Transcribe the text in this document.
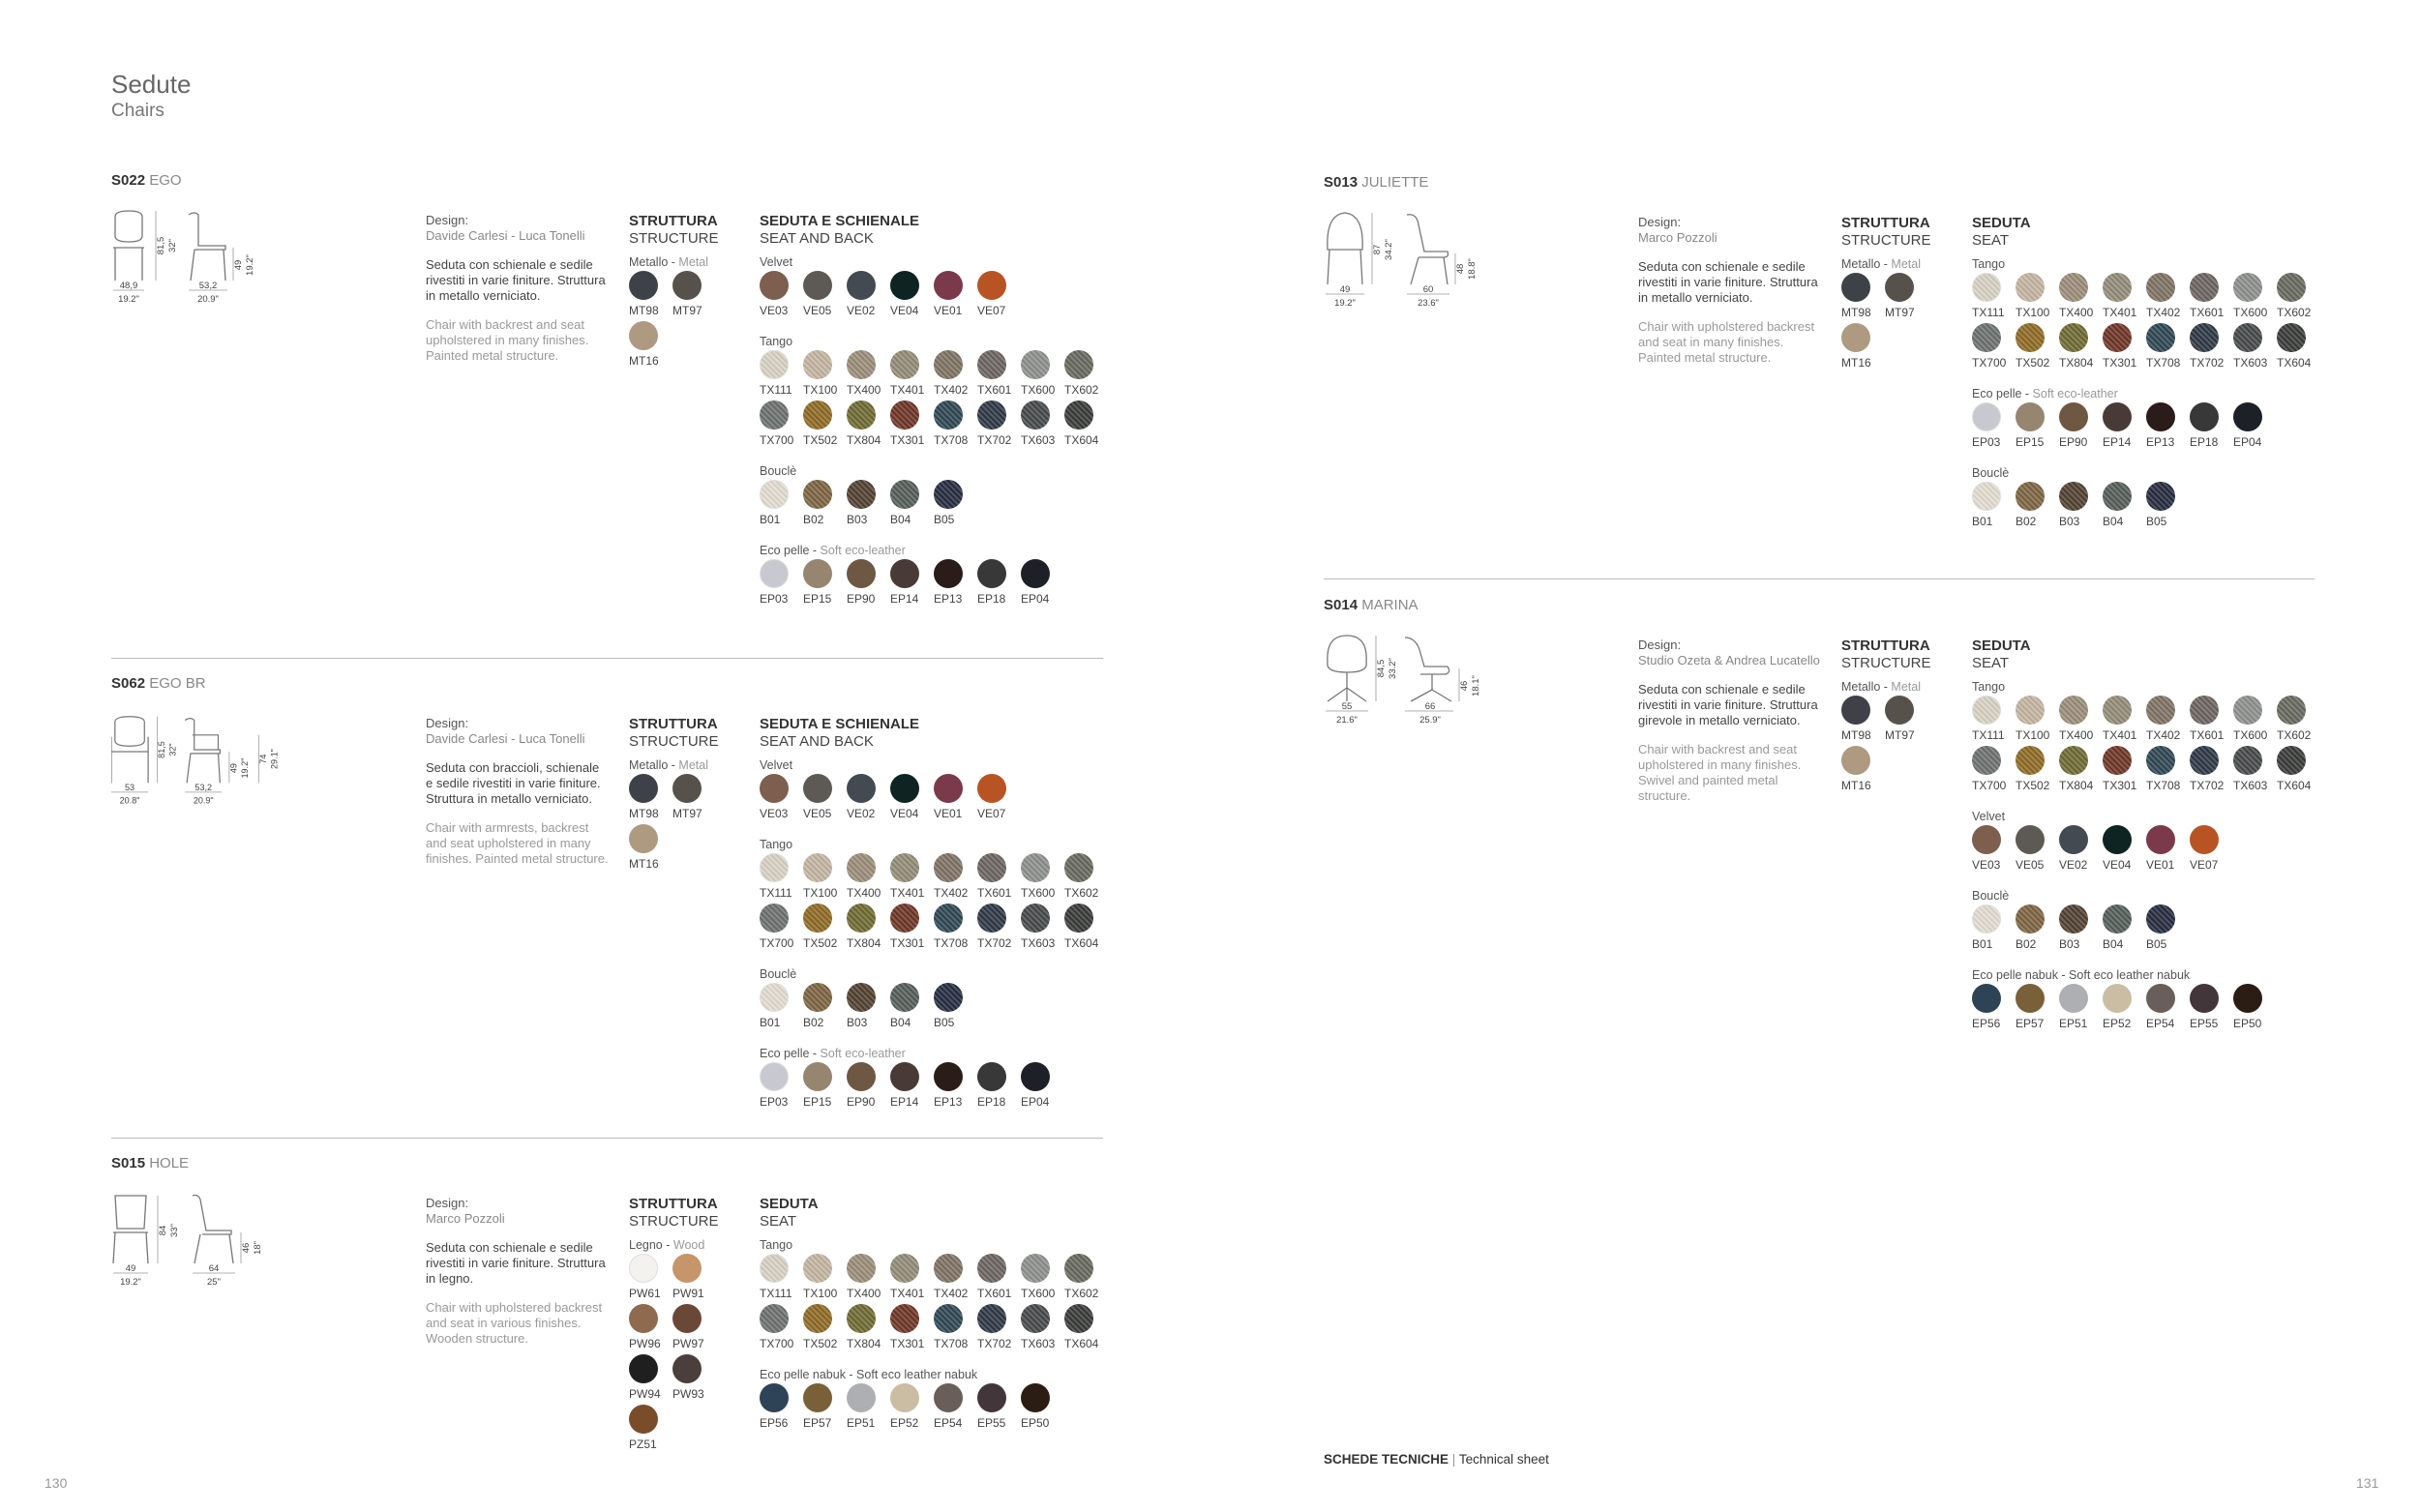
Sedute
Chairs
S022 EGO
48,9
19.2"
53,2
20.9"
81,5 32"
49 19.2"
Design:
Davide Carlesi - Luca Tonelli
Seduta con schienale e sedile rivestiti in varie finiture. Struttura in metallo verniciato.
Chair with backrest and seat upholstered in many finishes. Painted metal structure.
STRUTTURA
STRUCTURE
Metallo - Metal
MT98 MT97
MT16
SEDUTA E SCHIENALE
SEAT AND BACK
Velvet
VE03 VE05 VE02 VE04 VE01 VE07
Tango
TX111 TX100 TX400 TX401 TX402 TX601 TX600 TX602
TX700 TX502 TX804 TX301 TX708 TX702 TX603 TX604
Bouclè
B01 B02 B03 B04 B05
Eco pelle - Soft eco-leather
EP03 EP15 EP90 EP14 EP13 EP18 EP04
S062 EGO BR
53
20.8"
53,2
20.9"
81,5 32"
49 19.2" 74 29.1"
Design:
Davide Carlesi - Luca Tonelli
Seduta con braccioli, schienale e sedile rivestiti in varie finiture. Struttura in metallo verniciato.
Chair with armrests, backrest and seat upholstered in many finishes. Painted metal structure.
STRUTTURA
STRUCTURE
Metallo - Metal
MT98 MT97
MT16
SEDUTA E SCHIENALE
SEAT AND BACK
Velvet
VE03 VE05 VE02 VE04 VE01 VE07
Tango
TX111 TX100 TX400 TX401 TX402 TX601 TX600 TX602
TX700 TX502 TX804 TX301 TX708 TX702 TX603 TX604
Bouclè
B01 B02 B03 B04 B05
Eco pelle - Soft eco-leather
EP03 EP15 EP90 EP14 EP13 EP18 EP04
S015 HOLE
49
19.2"
64
25"
84 33"
46 18"
Design:
Marco Pozzoli
Seduta con schienale e sedile rivestiti in varie finiture. Struttura in legno.
Chair with upholstered backrest and seat in various finishes. Wooden structure.
STRUTTURA
STRUCTURE
Legno - Wood
PW61 PW91
PW96 PW97
PW94 PW93
PZ51
SEDUTA
SEAT
Tango
TX111 TX100 TX400 TX401 TX402 TX601 TX600 TX602
TX700 TX502 TX804 TX301 TX708 TX702 TX603 TX604
Eco pelle nabuk - Soft eco leather nabuk
EP56 EP57 EP51 EP52 EP54 EP55 EP50
S013 JULIETTE
49
19.2"
60
23.6"
87 34.2"
48 18.8"
Design:
Marco Pozzoli
Seduta con schienale e sedile rivestiti in varie finiture. Struttura in metallo verniciato.
Chair with upholstered backrest and seat in many finishes. Painted metal structure.
STRUTTURA
STRUCTURE
Metallo - Metal
MT98 MT97
MT16
SEDUTA
SEAT
Tango
TX111 TX100 TX400 TX401 TX402 TX601 TX600 TX602
TX700 TX502 TX804 TX301 TX708 TX702 TX603 TX604
Eco pelle - Soft eco-leather
EP03 EP15 EP90 EP14 EP13 EP18 EP04
Bouclè
B01 B02 B03 B04 B05
S014 MARINA
55
21.6"
66
25.9"
84,5 33.2"
46 18.1"
Design:
Studio Ozeta & Andrea Lucatello
Seduta con schienale e sedile rivestiti in varie finiture. Struttura girevole in metallo verniciato.
Chair with backrest and seat upholstered in many finishes. Swivel and painted metal structure.
STRUTTURA
STRUCTURE
Metallo - Metal
MT98 MT97
MT16
SEDUTA
SEAT
Tango
TX111 TX100 TX400 TX401 TX402 TX601 TX600 TX602
TX700 TX502 TX804 TX301 TX708 TX702 TX603 TX604
Velvet
VE03 VE05 VE02 VE04 VE01 VE07
Bouclè
B01 B02 B03 B04 B05
Eco pelle nabuk - Soft eco leather nabuk
EP56 EP57 EP51 EP52 EP54 EP55 EP50
SCHEDE TECNICHE | Technical sheet
130	131
